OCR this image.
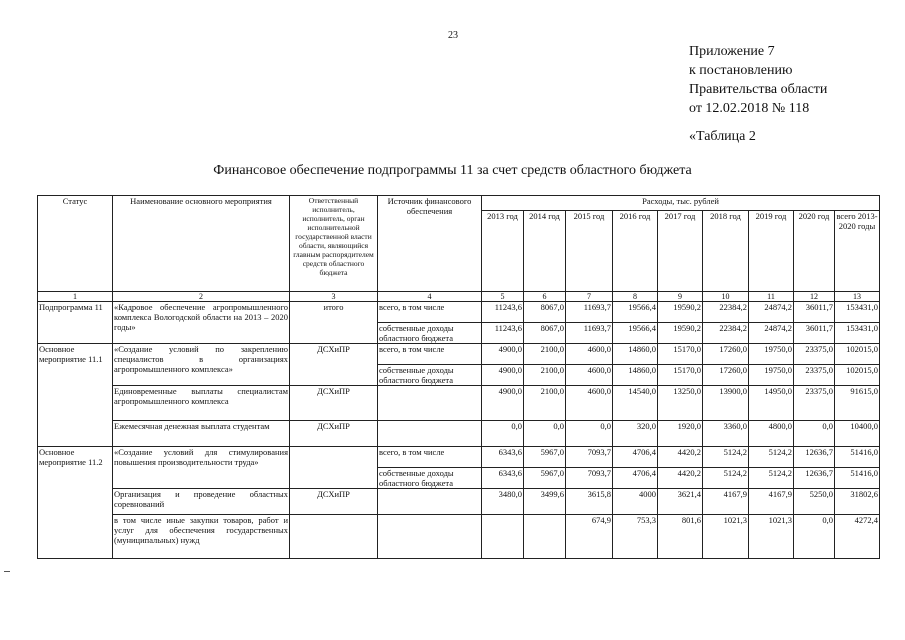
23
Приложение 7
к постановлению
Правительства области
от 12.02.2018 № 118
«Таблица 2
Финансовое обеспечение подпрограммы 11 за счет средств областного бюджета
Статус	Наименование основного мероприятия	Ответственный исполнитель, исполнитель, орган исполнительной государственной власти области, являющийся главным распорядителем средств областного бюджета	Источник финансового обеспечения	Расходы, тыс. рублей								
				2013 год	2014 год	2015 год	2016 год	2017 год	2018 год	2019 год	2020 год	всего 2013-2020 годы
1	2	3	4	5	6	7	8	9	10	11	12	13
Подпрограмма 11	«Кадровое обеспечение агропромышленного комплекса Вологодской области на 2013 – 2020 годы»	итого	всего, в том числе	11243,6	8067,0	11693,7	19566,4	19590,2	22384,2	24874,2	36011,7	153431,0
			собственные доходы областного бюджета	11243,6	8067,0	11693,7	19566,4	19590,2	22384,2	24874,2	36011,7	153431,0
Основное мероприятие 11.1	«Создание условий по закреплению специалистов в организациях агропромышленного комплекса»	ДСХиПР	всего, в том числе	4900,0	2100,0	4600,0	14860,0	15170,0	17260,0	19750,0	23375,0	102015,0
			собственные доходы областного бюджета	4900,0	2100,0	4600,0	14860,0	15170,0	17260,0	19750,0	23375,0	102015,0
	Единовременные выплаты специалистам агропромышленного комплекса	ДСХиПР		4900,0	2100,0	4600,0	14540,0	13250,0	13900,0	14950,0	23375,0	91615,0
	Ежемесячная денежная выплата студентам	ДСХиПР		0,0	0,0	0,0	320,0	1920,0	3360,0	4800,0	0,0	10400,0
Основное мероприятие 11.2	«Создание условий для стимулирования повышения производительности труда»		всего, в том числе	6343,6	5967,0	7093,7	4706,4	4420,2	5124,2	5124,2	12636,7	51416,0
			собственные доходы областного бюджета	6343,6	5967,0	7093,7	4706,4	4420,2	5124,2	5124,2	12636,7	51416,0
	Организация и проведение областных соревнований	ДСХиПР		3480,0	3499,6	3615,8	4000	3621,4	4167,9	4167,9	5250,0	31802,6
	в том числе иные закупки товаров, работ и услуг для обеспечения государственных (муниципальных) нужд					674,9	753,3	801,6	1021,3	1021,3	0,0	4272,4
